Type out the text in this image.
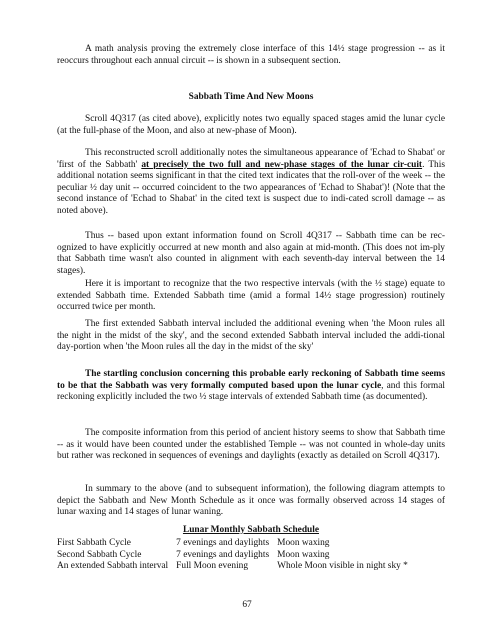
A math analysis proving the extremely close interface of this 14½ stage progression -- as it reoccurs throughout each annual circuit -- is shown in a subsequent section.

Sabbath Time And New Moons

Scroll 4Q317 (as cited above), explicitly notes two equally spaced stages amid the lunar cycle (at the full-phase of the Moon, and also at new-phase of Moon).

This reconstructed scroll additionally notes the simultaneous appearance of 'Echad to Shabat' or 'first of the Sabbath' at precisely the two full and new-phase stages of the lunar cir-cuit. This additional notation seems significant in that the cited text indicates that the roll-over of the week -- the peculiar ½ day unit -- occurred coincident to the two appearances of 'Echad to Shabat')! (Note that the second instance of 'Echad to Shabat' in the cited text is suspect due to indi-cated scroll damage -- as noted above).

Thus -- based upon extant information found on Scroll 4Q317 -- Sabbath time can be rec-ognized to have explicitly occurred at new month and also again at mid-month. (This does not im-ply that Sabbath time wasn't also counted in alignment with each seventh-day interval between the 14 stages).

Here it is important to recognize that the two respective intervals (with the ½ stage) equate to extended Sabbath time. Extended Sabbath time (amid a formal 14½ stage progression) routinely occurred twice per month.

The first extended Sabbath interval included the additional evening when 'the Moon rules all the night in the midst of the sky', and the second extended Sabbath interval included the addi-tional day-portion when 'the Moon rules all the day in the midst of the sky'

The startling conclusion concerning this probable early reckoning of Sabbath time seems to be that the Sabbath was very formally computed based upon the lunar cycle, and this formal reckoning explicitly included the two ½ stage intervals of extended Sabbath time (as documented).

The composite information from this period of ancient history seems to show that Sabbath time -- as it would have been counted under the established Temple -- was not counted in whole-day units but rather was reckoned in sequences of evenings and daylights (exactly as detailed on Scroll 4Q317).

In summary to the above (and to subsequent information), the following diagram attempts to depict the Sabbath and New Month Schedule as it once was formally observed across 14 stages of lunar waxing and 14 stages of lunar waning.

Lunar Monthly Sabbath Schedule

First Sabbath Cycle	7 evenings and daylights	Moon waxing
Second Sabbath Cycle	7 evenings and daylights	Moon waxing
An extended Sabbath interval	Full Moon evening	Whole Moon visible in night sky *

67
